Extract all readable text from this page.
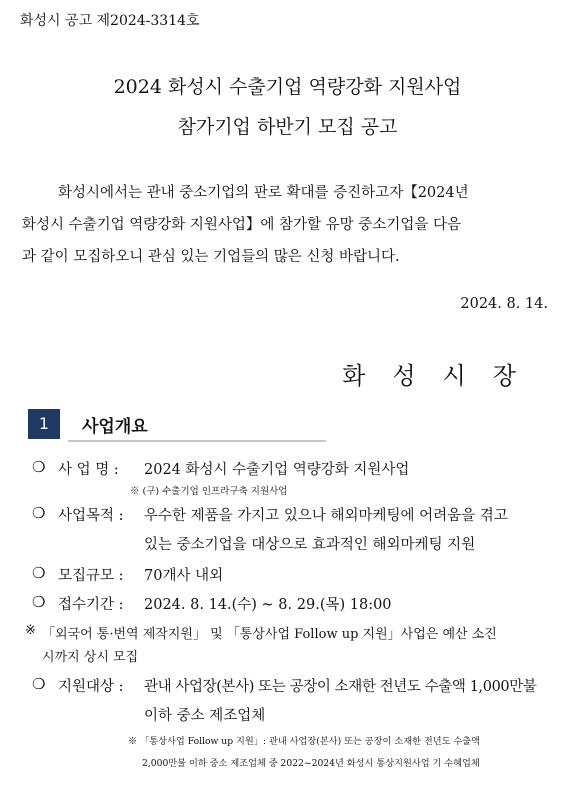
화성시 공고 제2024-3314호
2024 화성시 수출기업 역량강화 지원사업
참가기업 하반기 모집 공고

화성시에서는 관내 중소기업의 판로 확대를 증진하고자【2024년

화성시 수출기업 역량강화 지원사업】에 참가할 유망 중소기업을 다음

과 같이 모집하오니 관심 있는 기업들의 많은 신청 바랍니다.

2024. 8. 14.
화성시장
1	사업개요
❍ 사 업 명 : 2024 화성시 수출기업 역량강화 지원사업
※ (구) 수출기업 인프라구축 지원사업
❍ 사업목적 : 우수한 제품을 가지고 있으나 해외마케팅에 어려움을 겪고
있는 중소기업을 대상으로 효과적인 해외마케팅 지원
❍ 모집규모 : 70개사 내외
❍ 접수기간 : 2024. 8. 14.(수) ~ 8. 29.(목) 18:00
※ 「외국어 통·번역 제작지원」 및 「통상사업 Follow up 지원」사업은 예산 소진
시까지 상시 모집
❍ 지원대상 : 관내 사업장(본사) 또는 공장이 소재한 전년도 수출액 1,000만불
이하 중소 제조업체
※ 「통상사업 Follow up 지원」: 관내 사업장(본사) 또는 공장이 소재한 전년도 수출액
2,000만불 이하 중소 제조업체 중 2022~2024년 화성시 통상지원사업 기 수혜업체
